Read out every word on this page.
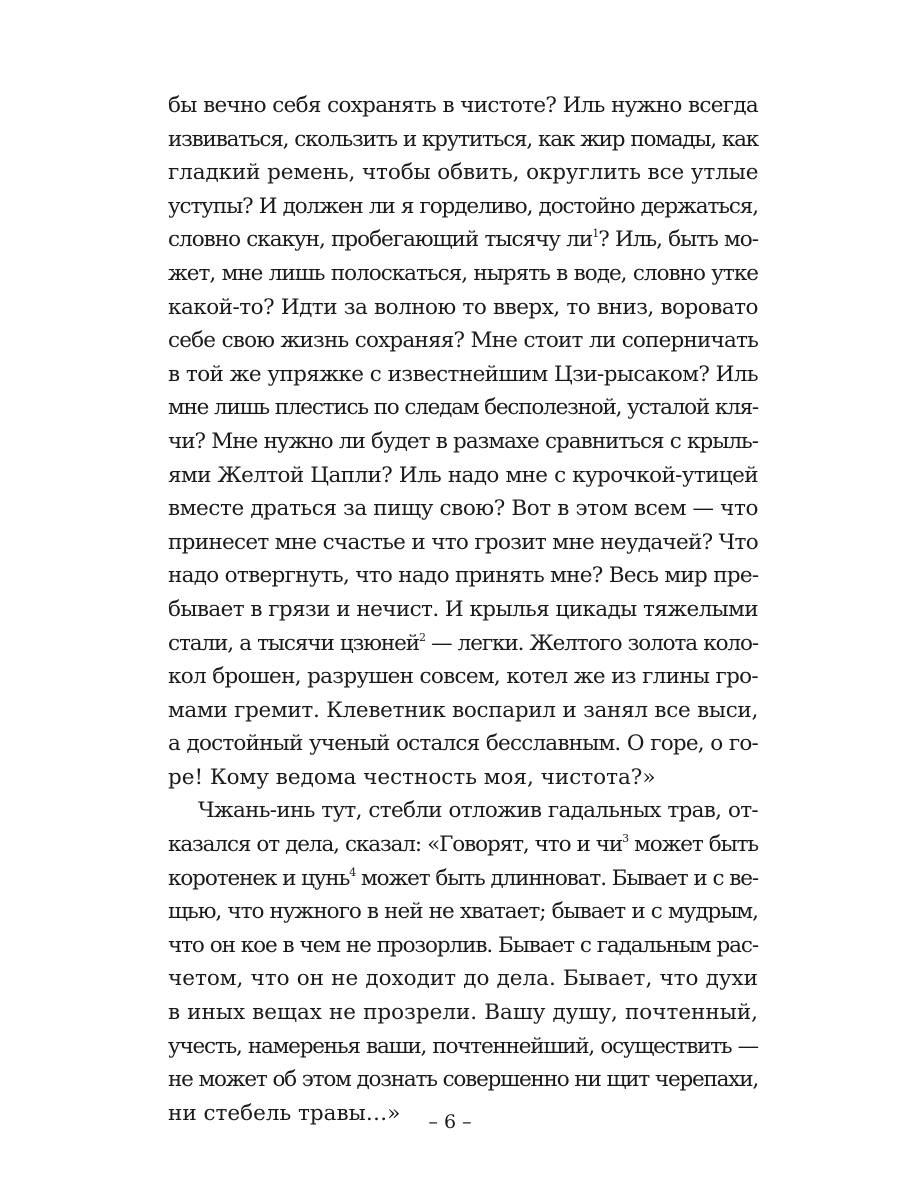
бы вечно себя сохранять в чистоте? Иль нужно всегда
извиваться, скользить и крутиться, как жир помады, как
гладкий ремень, чтобы обвить, округлить все утлые
уступы? И должен ли я горделиво, достойно держаться,
словно скакун, пробегающий тысячу $ли^1$? Иль, быть мо-
жет, мне лишь полоскаться, нырять в воде, словно утке
какой-то? Идти за волною то вверх, то вниз, воровато
себе свою жизнь сохраняя? Мне стоит ли соперничать
в той же упряжке с известнейшим Цзи-рысаком? Иль
мне лишь плестись по следам бесполезной, усталой кля-
чи? Мне нужно ли будет в размахе сравниться с крыль-
ями Желтой Цапли? Иль надо мне с курочкой-утицей
вместе драться за пищу свою? Вот в этом всем — что
принесет мне счастье и что грозит мне неудачей? Что
надо отвергнуть, что надо принять мне? Весь мир пре-
бывает в грязи и нечист. И крылья цикады тяжелыми
стали, а тысячи цзюней$^2$ — легки. Желтого золота коло-
кол брошен, разрушен совсем, котел же из глины гро-
мами гремит. Клеветник воспарил и занял все выси,
а достойный ученый остался бесславным. О горе, о го-
ре! Кому ведома честность моя, чистота?»
Чжань-инь тут, стебли отложив гадальных трав, от-
казался от дела, сказал: «Говорят, что и $чи^3$ может быть
коротенек и цунь$^4$ может быть длинноват. Бывает и с ве-
щью, что нужного в ней не хватает; бывает и с мудрым,
что он кое в чем не прозорлив. Бывает с гадальным рас-
четом, что он не доходит до дела. Бывает, что духи
в иных вещах не прозрели. Вашу душу, почтенный,
учесть, намеренья ваши, почтеннейший, осуществить —
не может об этом дознать совершенно ни щит черепахи,
ни стебель травы…»	– 6 –
